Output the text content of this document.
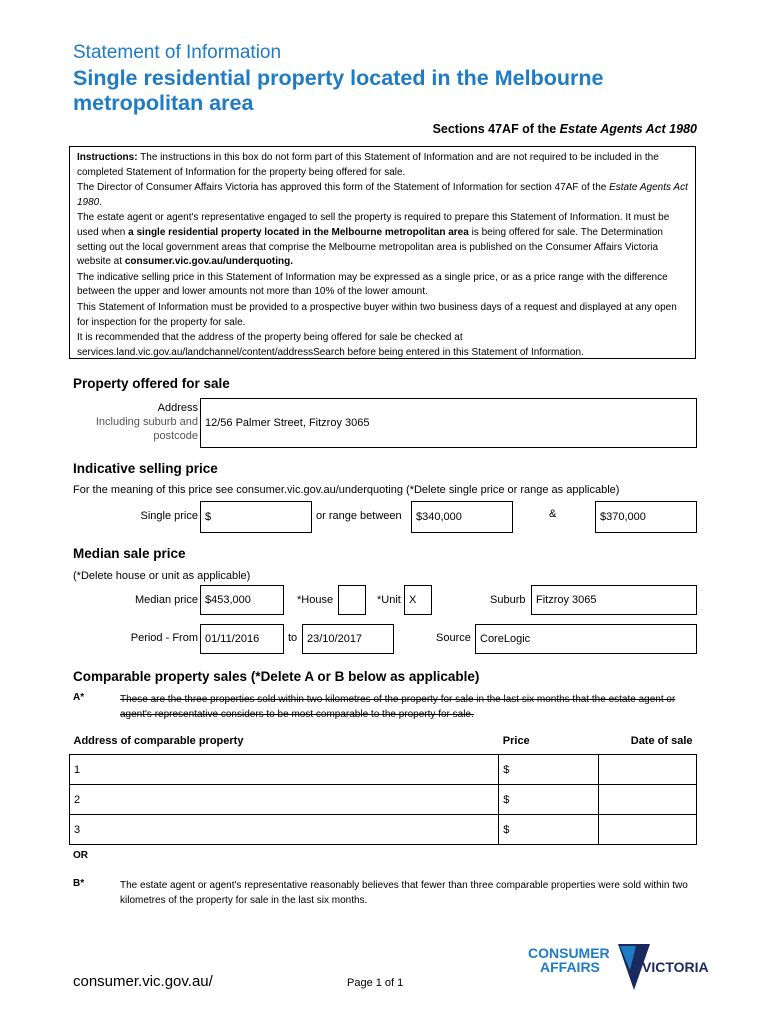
Statement of Information
Single residential property located in the Melbourne
metropolitan area
Sections 47AF of the Estate Agents Act 1980

Instructions: The instructions in this box do not form part of this Statement of Information and are not required to be included in the completed Statement of Information for the property being offered for sale.

The Director of Consumer Affairs Victoria has approved this form of the Statement of Information for section 47AF of the Estate Agents Act 1980.

The estate agent or agent's representative engaged to sell the property is required to prepare this Statement of Information. It must be used when a single residential property located in the Melbourne metropolitan area is being offered for sale. The Determination setting out the local government areas that comprise the Melbourne metropolitan area is published on the Consumer Affairs Victoria website at consumer.vic.gov.au/underquoting.

The indicative selling price in this Statement of Information may be expressed as a single price, or as a price range with the difference between the upper and lower amounts not more than 10% of the lower amount.

This Statement of Information must be provided to a prospective buyer within two business days of a request and displayed at any open for inspection for the property for sale.

It is recommended that the address of the property being offered for sale be checked at services.land.vic.gov.au/landchannel/content/addressSearch before being entered in this Statement of Information.

Property offered for sale
Address
Including suburb and
postcode
12/56 Palmer Street, Fitzroy 3065
Indicative selling price
For the meaning of this price see consumer.vic.gov.au/underquoting (*Delete single price or range as applicable)
Single price $	or range between	$340,000	&	$370,000
Median sale price
(*Delete house or unit as applicable)
Median price $453,000	*House	*Unit X	Suburb Fitzroy 3065
Period - From 01/11/2016	to 23/10/2017	Source CoreLogic
Comparable property sales (*Delete A or B below as applicable)
A*	These are the three properties sold within two kilometres of the property for sale in the last six months that the estate agent or agent's representative considers to be most comparable to the property for sale.
Address of comparable property	Price	Date of sale
1	$	
2	$	
3	$	
OR
B*	The estate agent or agent's representative reasonably believes that fewer than three comparable properties were sold within two kilometres of the property for sale in the last six months.
consumer.vic.gov.au/	Page 1 of 1
CONSUMER
AFFAIRS	VICTORIA
